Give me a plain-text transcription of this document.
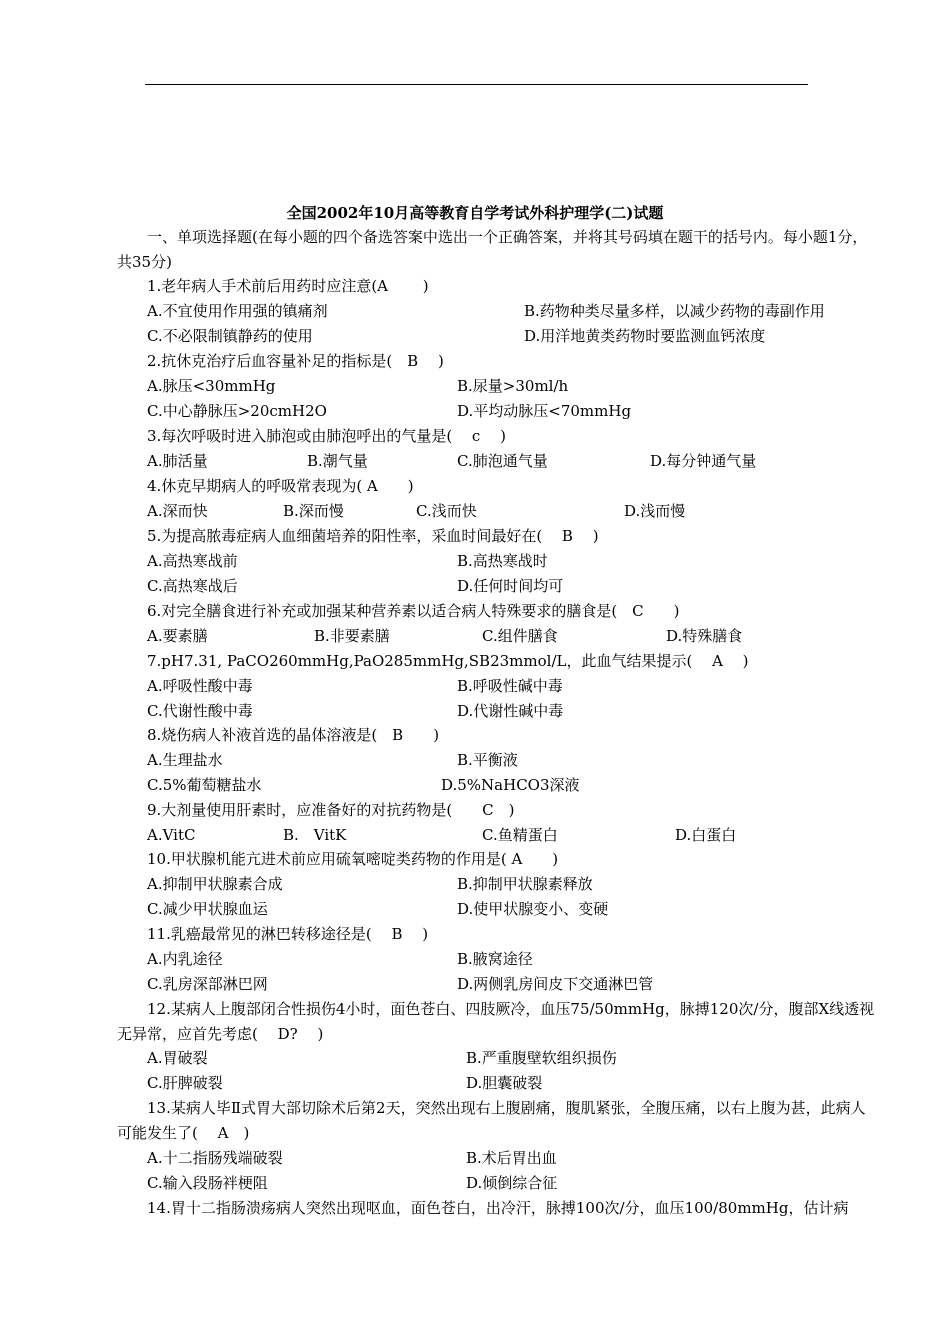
全国2002年10月高等教育自学考试外科护理学(二)试题
一、单项选择题(在每小题的四个备选答案中选出一个正确答案，并将其号码填在题干的括号内。每小题1分，共35分)
1.老年病人手术前后用药时应注意(A　　 )
A.不宜使用作用强的镇痛剂	B.药物种类尽量多样，以减少药物的毒副作用
C.不必限制镇静药的使用	D.用洋地黄类药物时要监测血钙浓度
2.抗休克治疗后血容量补足的指标是(　B　 )
A.脉压<30mmHg	B.尿量>30ml/h
C.中心静脉压>20cmH2O	D.平均动脉压<70mmHg
3.每次呼吸时进入肺泡或由肺泡呼出的气量是(　 c　 )
A.肺活量	B.潮气量	C.肺泡通气量	D.每分钟通气量
4.休克早期病人的呼吸常表现为( A　　)
A.深而快	B.深而慢	C.浅而快	D.浅而慢
5.为提高脓毒症病人血细菌培养的阳性率，采血时间最好在(　 B　 )
A.高热寒战前	B.高热寒战时
C.高热寒战后	D.任何时间均可
6.对完全膳食进行补充或加强某种营养素以适合病人特殊要求的膳食是(　C　　)
A.要素膳	B.非要素膳	C.组件膳食	D.特殊膳食
7.pH7.31, PaCO260mmHg,PaO285mmHg,SB23mmol/L，此血气结果提示(　 A　 )
A.呼吸性酸中毒	B.呼吸性碱中毒
C.代谢性酸中毒	D.代谢性碱中毒
8.烧伤病人补液首选的晶体溶液是(　B　　)
A.生理盐水	B.平衡液
C.5%葡萄糖盐水	D.5%NaHCO3深液
9.大剂量使用肝素时，应准备好的对抗药物是(　　C　)
A.VitC	B.　VitK	C.鱼精蛋白	D.白蛋白
10.甲状腺机能亢进术前应用硫氧嘧啶类药物的作用是( A　　)
A.抑制甲状腺素合成	B.抑制甲状腺素释放
C.减少甲状腺血运	D.使甲状腺变小、变硬
11.乳癌最常见的淋巴转移途径是(　 B　 )
A.内乳途径	B.腋窝途径
C.乳房深部淋巴网	D.两侧乳房间皮下交通淋巴管
12.某病人上腹部闭合性损伤4小时，面色苍白、四肢厥冷，血压75/50mmHg，脉搏120次/分，腹部X线透视无异常，应首先考虑(　 D?　 )
A.胃破裂	B.严重腹壁软组织损伤
C.肝脾破裂	D.胆囊破裂
13.某病人毕Ⅱ式胃大部切除术后第2天，突然出现右上腹剧痛，腹肌紧张，全腹压痛，以右上腹为甚，此病人可能发生了(　 A　)
A.十二指肠残端破裂	B.术后胃出血
C.输入段肠袢梗阻	D.倾倒综合征
14.胃十二指肠溃疡病人突然出现呕血，面色苍白，出冷汗，脉搏100次/分，血压100/80mmHg，估计病
